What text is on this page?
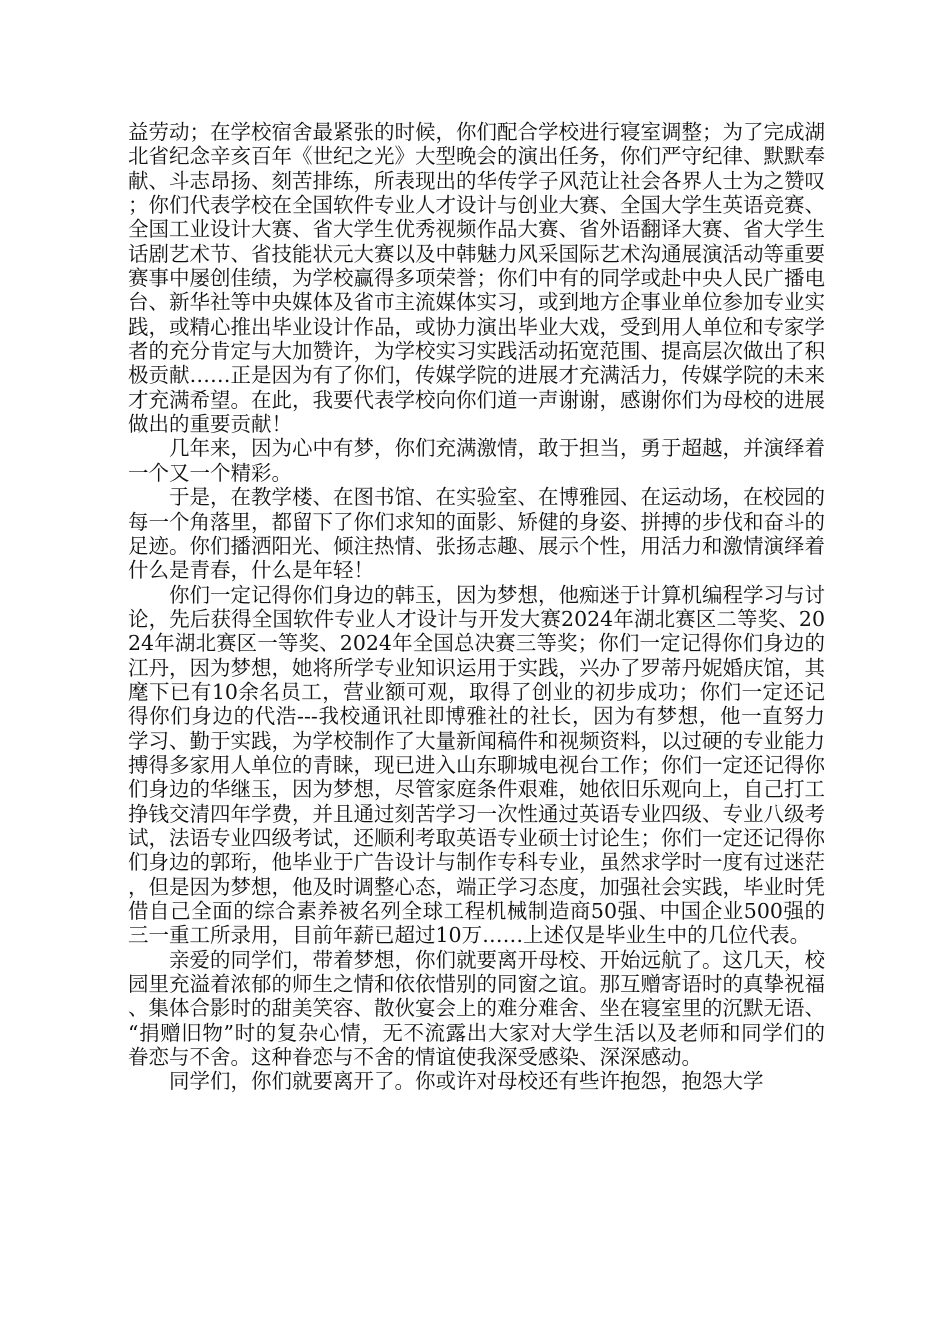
益劳动；在学校宿舍最紧张的时候，你们配合学校进行寝室调整；为了完成湖北省纪念辛亥百年《世纪之光》大型晚会的演出任务，你们严守纪律、默默奉献、斗志昂扬、刻苦排练，所表现出的华传学子风范让社会各界人士为之赞叹；你们代表学校在全国软件专业人才设计与创业大赛、全国大学生英语竞赛、全国工业设计大赛、省大学生优秀视频作品大赛、省外语翻译大赛、省大学生话剧艺术节、省技能状元大赛以及中韩魅力风采国际艺术沟通展演活动等重要赛事中屡创佳绩，为学校赢得多项荣誉；你们中有的同学或赴中央人民广播电台、新华社等中央媒体及省市主流媒体实习，或到地方企事业单位参加专业实践，或精心推出毕业设计作品，或协力演出毕业大戏，受到用人单位和专家学者的充分肯定与大加赞许，为学校实习实践活动拓宽范围、提高层次做出了积极贡献……正是因为有了你们，传媒学院的进展才充满活力，传媒学院的未来才充满希望。在此，我要代表学校向你们道一声谢谢，感谢你们为母校的进展做出的重要贡献！

几年来，因为心中有梦，你们充满激情，敢于担当，勇于超越，并演绎着一个又一个精彩。

于是，在教学楼、在图书馆、在实验室、在博雅园、在运动场，在校园的每一个角落里，都留下了你们求知的面影、矫健的身姿、拼搏的步伐和奋斗的足迹。你们播洒阳光、倾注热情、张扬志趣、展示个性，用活力和激情演绎着什么是青春，什么是年轻！

你们一定记得你们身边的韩玉，因为梦想，他痴迷于计算机编程学习与讨论，先后获得全国软件专业人才设计与开发大赛2024年湖北赛区二等奖、2024年湖北赛区一等奖、2024年全国总决赛三等奖；你们一定记得你们身边的江丹，因为梦想，她将所学专业知识运用于实践，兴办了罗蒂丹妮婚庆馆，其麾下已有10余名员工，营业额可观，取得了创业的初步成功；你们一定还记得你们身边的代浩---我校通讯社即博雅社的社长，因为有梦想，他一直努力学习、勤于实践，为学校制作了大量新闻稿件和视频资料，以过硬的专业能力搏得多家用人单位的青睐，现已进入山东聊城电视台工作；你们一定还记得你们身边的华继玉，因为梦想，尽管家庭条件艰难，她依旧乐观向上，自己打工挣钱交清四年学费，并且通过刻苦学习一次性通过英语专业四级、专业八级考试，法语专业四级考试，还顺利考取英语专业硕士讨论生；你们一定还记得你们身边的郭珩，他毕业于广告设计与制作专科专业，虽然求学时一度有过迷茫，但是因为梦想，他及时调整心态，端正学习态度，加强社会实践，毕业时凭借自己全面的综合素养被名列全球工程机械制造商50强、中国企业500强的三一重工所录用，目前年薪已超过10万……上述仅是毕业生中的几位代表。

亲爱的同学们，带着梦想，你们就要离开母校、开始远航了。这几天，校园里充溢着浓郁的师生之情和依依惜别的同窗之谊。那互赠寄语时的真挚祝福、集体合影时的甜美笑容、散伙宴会上的难分难舍、坐在寝室里的沉默无语、“捐赠旧物”时的复杂心情，无不流露出大家对大学生活以及老师和同学们的眷恋与不舍。这种眷恋与不舍的情谊使我深受感染、深深感动。

同学们，你们就要离开了。你或许对母校还有些许抱怨，抱怨大学
